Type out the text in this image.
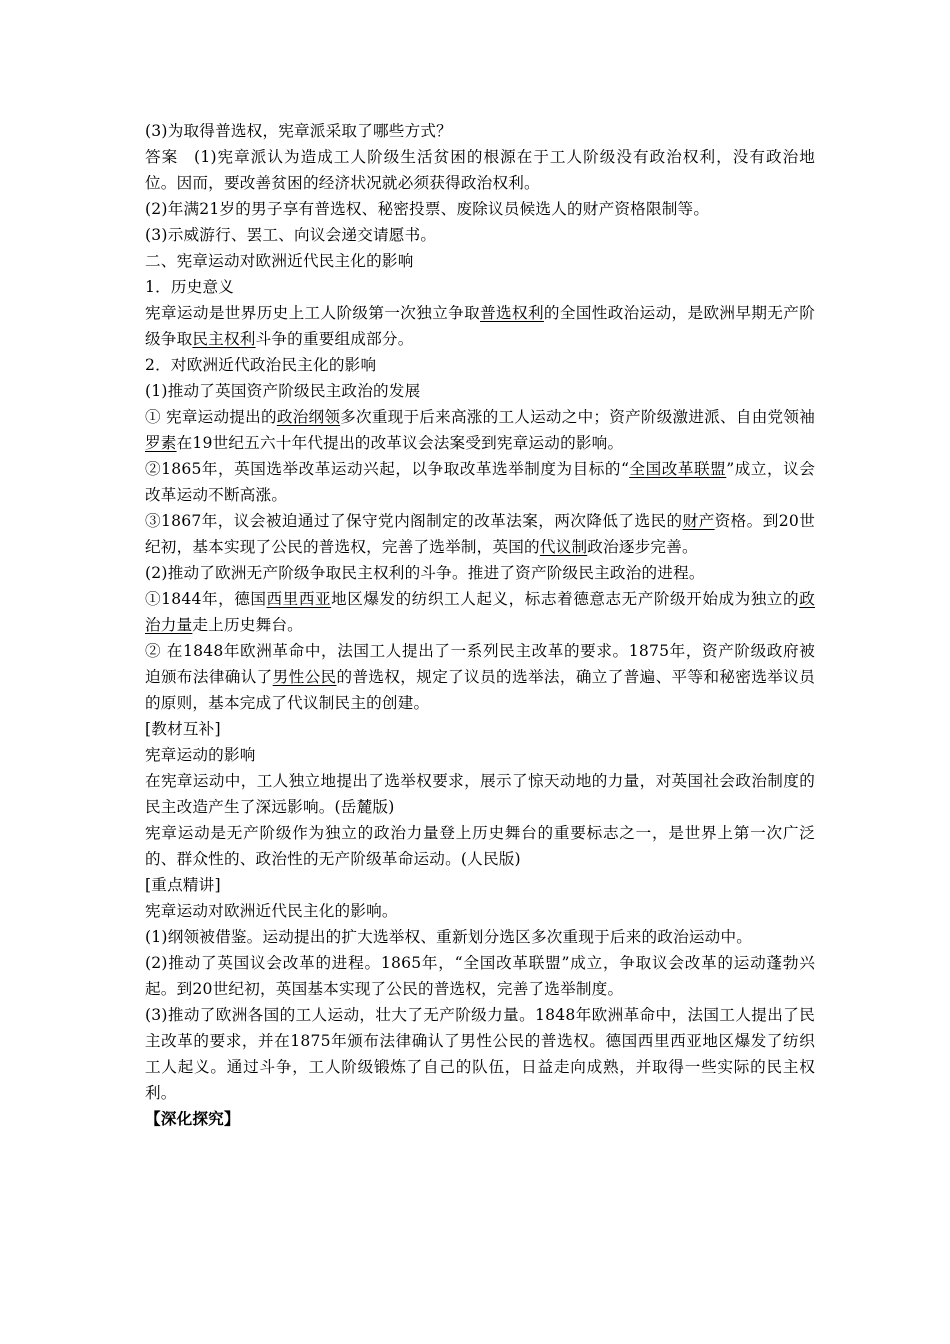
(3)为取得普选权，宪章派采取了哪些方式？

答案  (1)宪章派认为造成工人阶级生活贫困的根源在于工人阶级没有政治权利，没有政治地位。因而，要改善贫困的经济状况就必须获得政治权利。

(2)年满21岁的男子享有普选权、秘密投票、废除议员候选人的财产资格限制等。

(3)示威游行、罢工、向议会递交请愿书。

二、宪章运动对欧洲近代民主化的影响

1．历史意义

宪章运动是世界历史上工人阶级第一次独立争取普选权利的全国性政治运动，是欧洲早期无产阶级争取民主权利斗争的重要组成部分。

2．对欧洲近代政治民主化的影响

(1)推动了英国资产阶级民主政治的发展

① 宪章运动提出的政治纲领多次重现于后来高涨的工人运动之中；资产阶级激进派、自由党领袖罗素在19世纪五六十年代提出的改革议会法案受到宪章运动的影响。

②1865年，英国选举改革运动兴起，以争取改革选举制度为目标的“全国改革联盟”成立，议会改革运动不断高涨。

③1867年，议会被迫通过了保守党内阁制定的改革法案，两次降低了选民的财产资格。到20世纪初，基本实现了公民的普选权，完善了选举制，英国的代议制政治逐步完善。

(2)推动了欧洲无产阶级争取民主权利的斗争。推进了资产阶级民主政治的进程。

①1844年，德国西里西亚地区爆发的纺织工人起义，标志着德意志无产阶级开始成为独立的政治力量走上历史舞台。

② 在1848年欧洲革命中，法国工人提出了一系列民主改革的要求。1875年，资产阶级政府被迫颁布法律确认了男性公民的普选权，规定了议员的选举法，确立了普遍、平等和秘密选举议员的原则，基本完成了代议制民主的创建。

[教材互补]

宪章运动的影响

在宪章运动中，工人独立地提出了选举权要求，展示了惊天动地的力量，对英国社会政治制度的民主改造产生了深远影响。(岳麓版)

宪章运动是无产阶级作为独立的政治力量登上历史舞台的重要标志之一，是世界上第一次广泛的、群众性的、政治性的无产阶级革命运动。(人民版)

[重点精讲]

宪章运动对欧洲近代民主化的影响。

(1)纲领被借鉴。运动提出的扩大选举权、重新划分选区多次重现于后来的政治运动中。

(2)推动了英国议会改革的进程。1865年，“全国改革联盟”成立，争取议会改革的运动蓬勃兴起。到20世纪初，英国基本实现了公民的普选权，完善了选举制度。

(3)推动了欧洲各国的工人运动，壮大了无产阶级力量。1848年欧洲革命中，法国工人提出了民主改革的要求，并在1875年颁布法律确认了男性公民的普选权。德国西里西亚地区爆发了纺织工人起义。通过斗争，工人阶级锻炼了自己的队伍，日益走向成熟，并取得一些实际的民主权利。

【深化探究】
